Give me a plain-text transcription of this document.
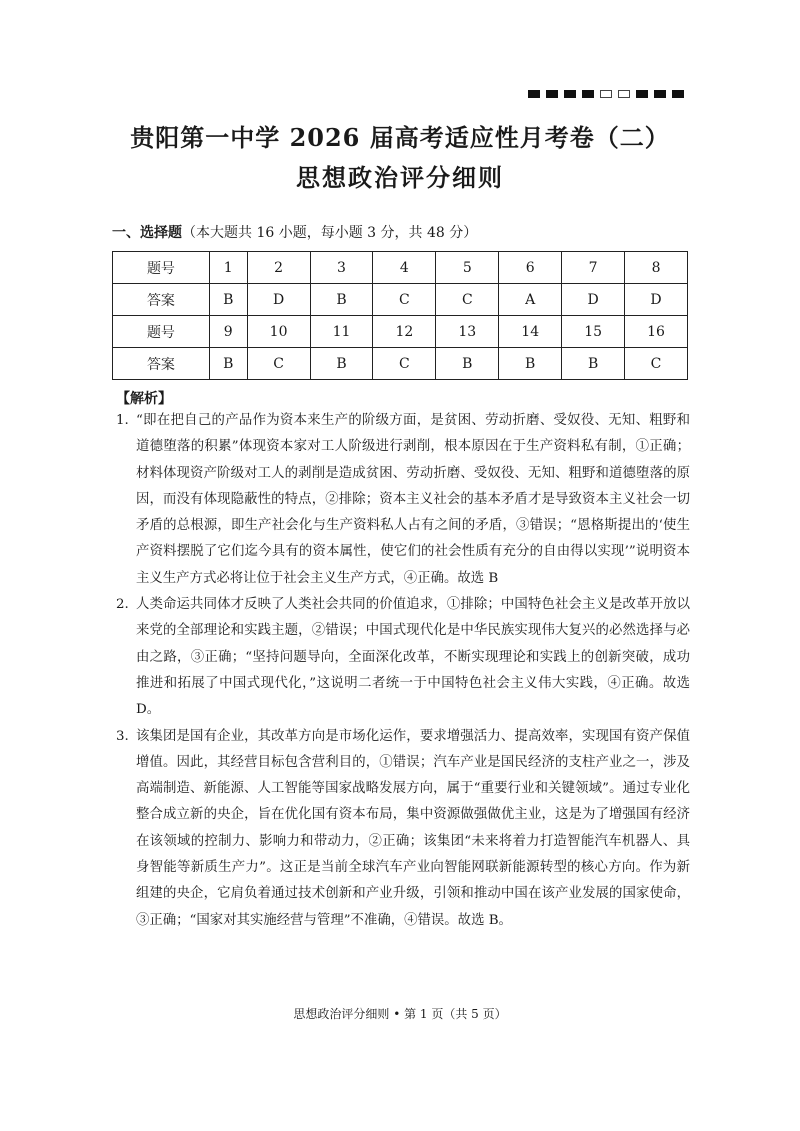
贵阳第一中学 2026 届高考适应性月考卷（二）
思想政治评分细则
一、选择题（本大题共 16 小题，每小题 3 分，共 48 分）
题号	1	2	3	4	5	6	7	8
答案	B	D	B	C	C	A	D	D
题号	9	10	11	12	13	14	15	16
答案	B	C	B	C	B	B	B	C
【解析】
1. “即在把自己的产品作为资本来生产的阶级方面，是贫困、劳动折磨、受奴役、无知、粗野和道德堕落的积累”体现资本家对工人阶级进行剥削，根本原因在于生产资料私有制，①正确；材料体现资产阶级对工人的剥削是造成贫困、劳动折磨、受奴役、无知、粗野和道德堕落的原因，而没有体现隐蔽性的特点，②排除；资本主义社会的基本矛盾才是导致资本主义社会一切矛盾的总根源，即生产社会化与生产资料私人占有之间的矛盾，③错误；“恩格斯提出的‘使生产资料摆脱了它们迄今具有的资本属性，使它们的社会性质有充分的自由得以实现’”说明资本主义生产方式必将让位于社会主义生产方式，④正确。故选 B
2. 人类命运共同体才反映了人类社会共同的价值追求，①排除；中国特色社会主义是改革开放以来党的全部理论和实践主题，②错误；中国式现代化是中华民族实现伟大复兴的必然选择与必由之路，③正确；“坚持问题导向，全面深化改革，不断实现理论和实践上的创新突破，成功推进和拓展了中国式现代化，”这说明二者统一于中国特色社会主义伟大实践，④正确。故选 D。
3. 该集团是国有企业，其改革方向是市场化运作，要求增强活力、提高效率，实现国有资产保值增值。因此，其经营目标包含营利目的，①错误；汽车产业是国民经济的支柱产业之一，涉及高端制造、新能源、人工智能等国家战略发展方向，属于“重要行业和关键领域”。通过专业化整合成立新的央企，旨在优化国有资本布局，集中资源做强做优主业，这是为了增强国有经济在该领域的控制力、影响力和带动力，②正确；该集团“未来将着力打造智能汽车机器人、具身智能等新质生产力”。这正是当前全球汽车产业向智能网联新能源转型的核心方向。作为新组建的央企，它肩负着通过技术创新和产业升级，引领和推动中国在该产业发展的国家使命，③正确；“国家对其实施经营与管理”不准确，④错误。故选 B。
思想政治评分细则 • 第 1 页（共 5 页）
